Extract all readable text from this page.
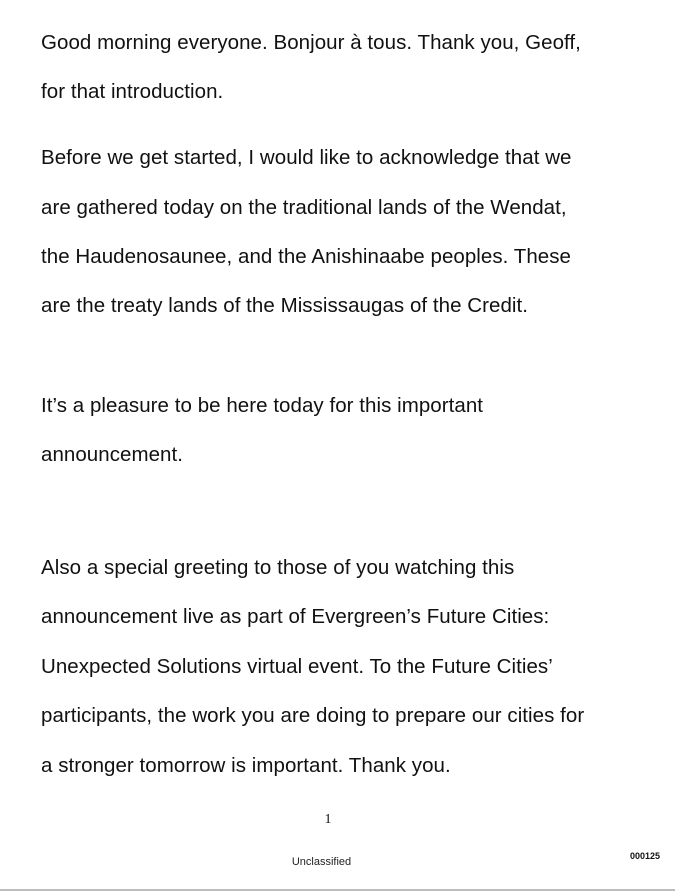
Good morning everyone. Bonjour à tous. Thank you, Geoff,
for that introduction.
Before we get started, I would like to acknowledge that we
are gathered today on the traditional lands of the Wendat,
the Haudenosaunee, and the Anishinaabe peoples. These
are the treaty lands of the Mississaugas of the Credit.
It’s a pleasure to be here today for this important
announcement.
Also a special greeting to those of you watching this
announcement live as part of Evergreen’s Future Cities:
Unexpected Solutions virtual event. To the Future Cities’
participants, the work you are doing to prepare our cities for
a stronger tomorrow is important. Thank you.
1
Unclassified	000125
